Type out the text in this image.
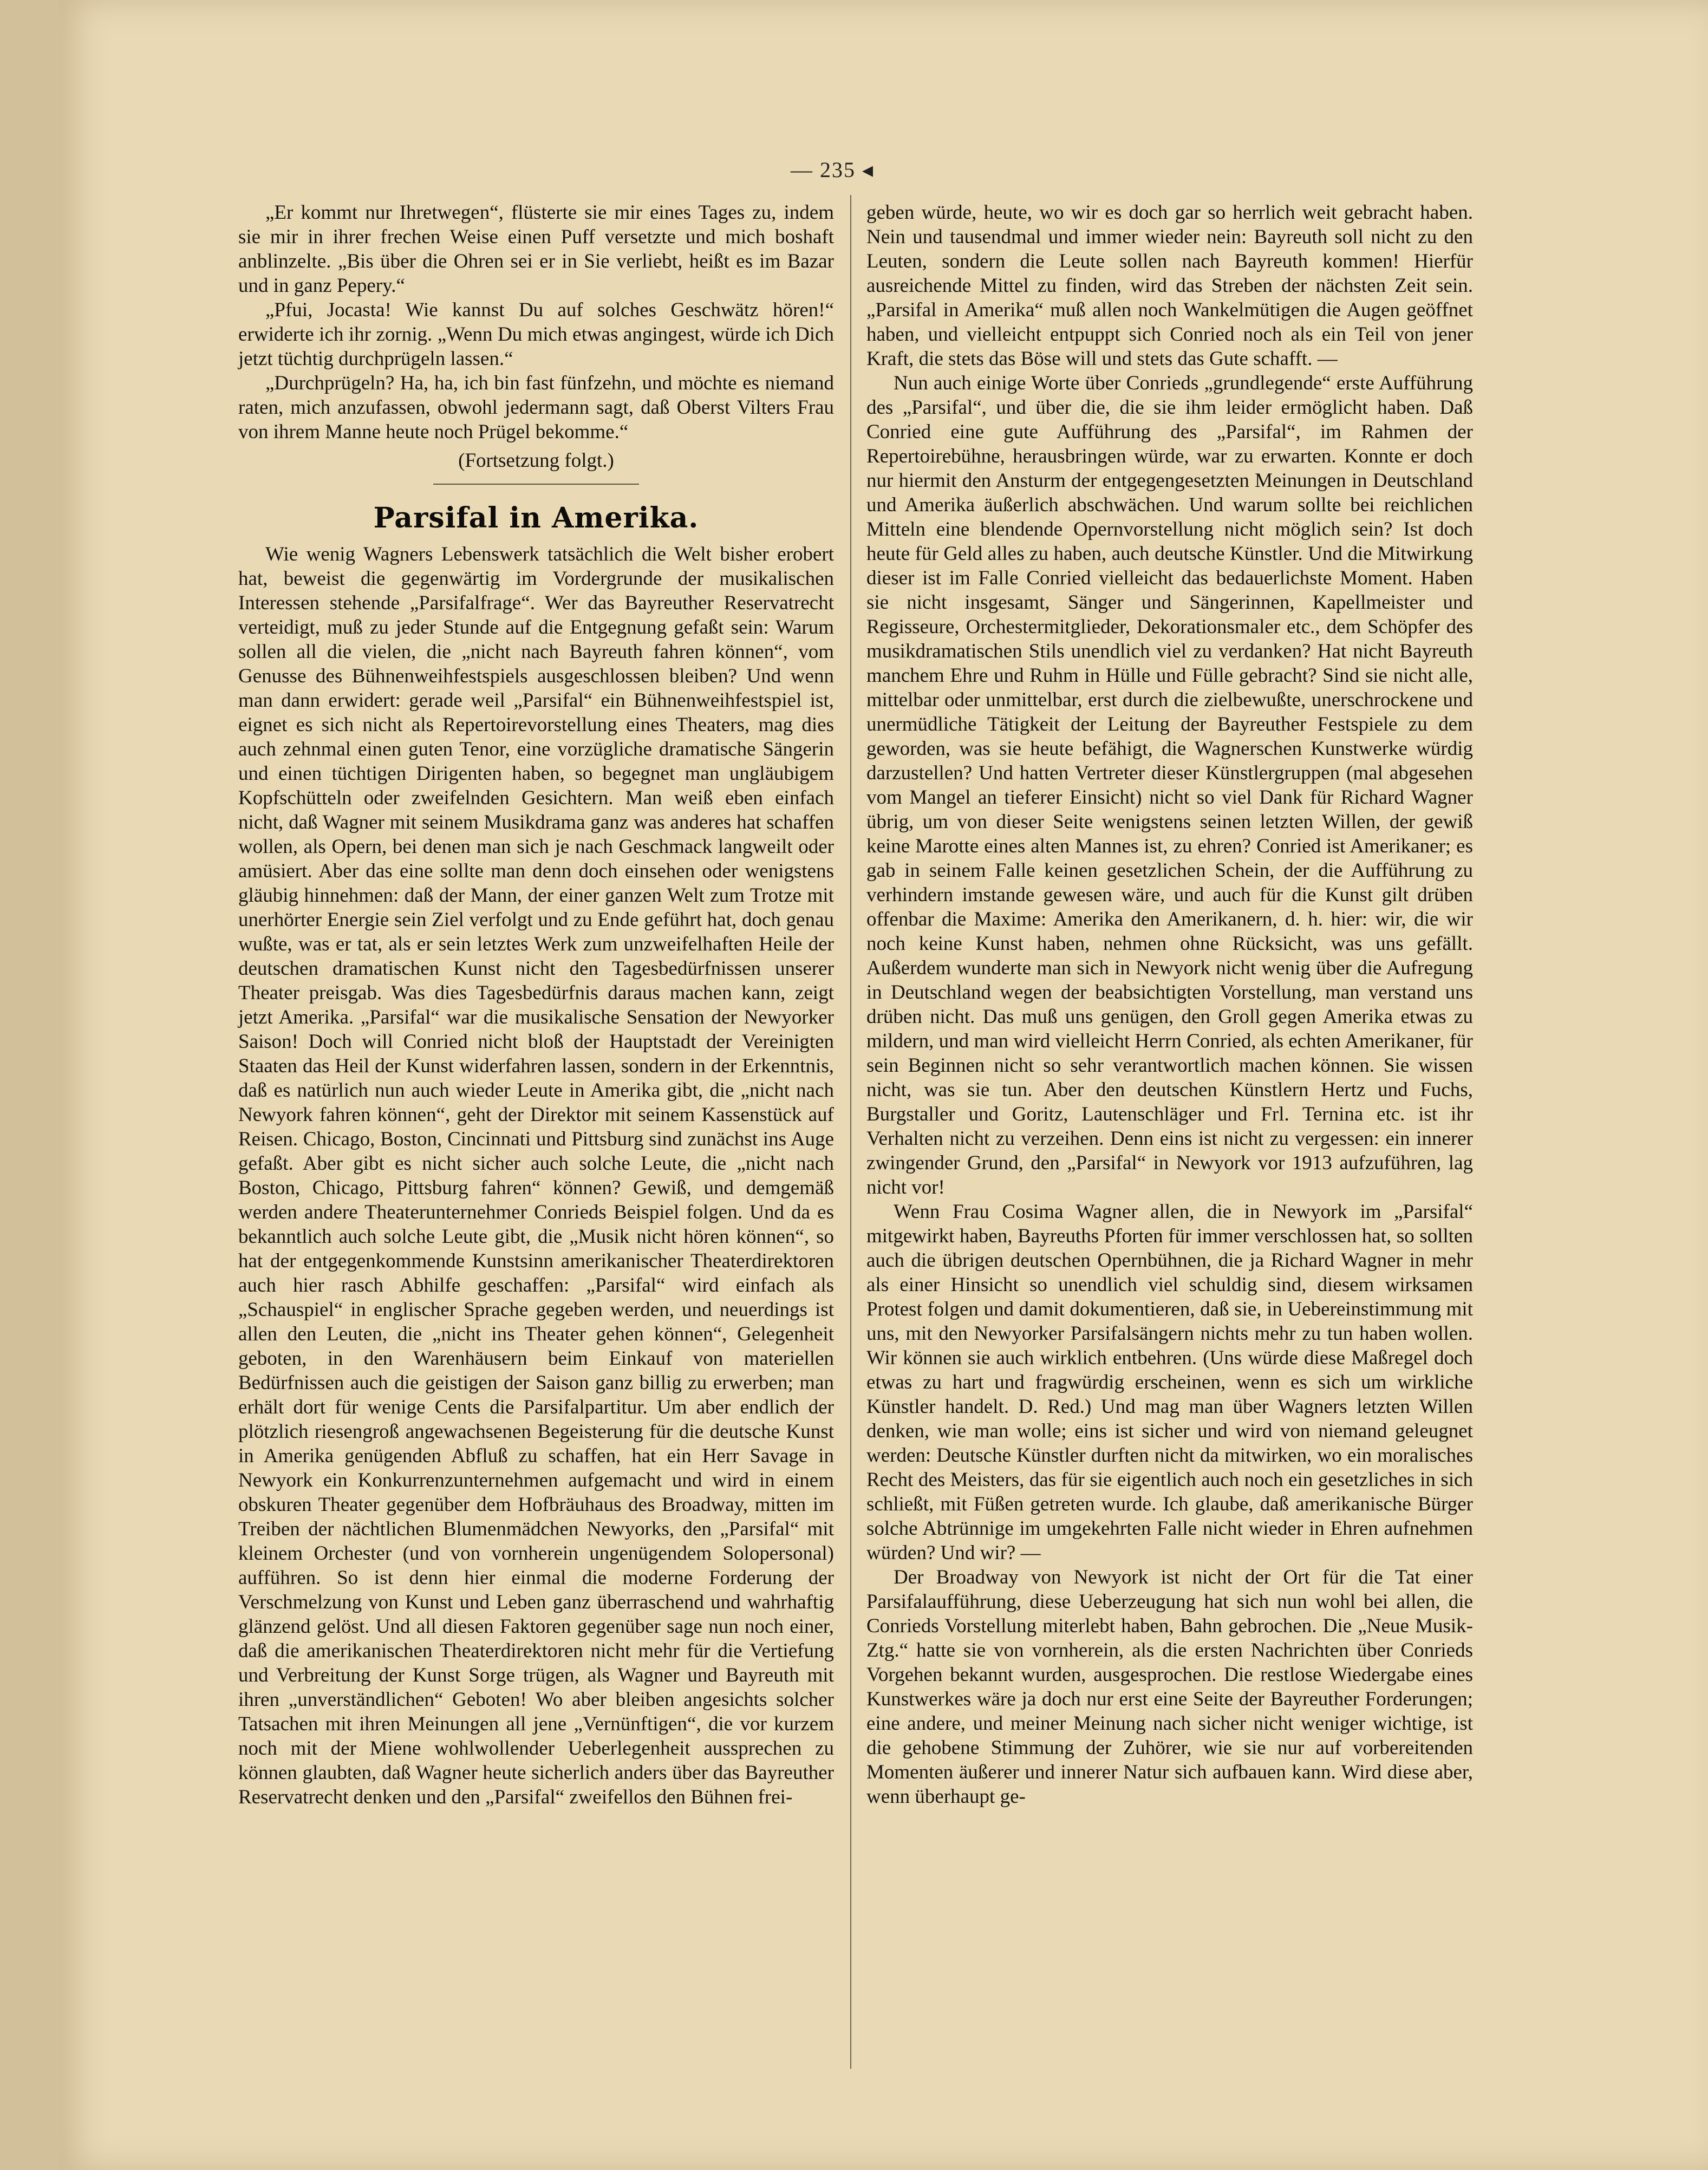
— 235 ◂

„Er kommt nur Ihretwegen“, flüsterte sie mir eines Tages zu, indem sie mir in ihrer frechen Weise einen Puff versetzte und mich boshaft anblinzelte. „Bis über die Ohren sei er in Sie verliebt, heißt es im Bazar und in ganz Pepery.“

„Pfui, Jocasta! Wie kannst Du auf solches Geschwätz hören!“ erwiderte ich ihr zornig. „Wenn Du mich etwas angingest, würde ich Dich jetzt tüchtig durchprügeln lassen.“

„Durchprügeln? Ha, ha, ich bin fast fünfzehn, und möchte es niemand raten, mich anzufassen, obwohl jedermann sagt, daß Oberst Vilters Frau von ihrem Manne heute noch Prügel bekomme.“

(Fortsetzung folgt.)
Parsifal in Amerika.

Wie wenig Wagners Lebenswerk tatsächlich die Welt bisher erobert hat, beweist die gegenwärtig im Vordergrunde der musikalischen Interessen stehende „Parsifalfrage“. Wer das Bayreuther Reservatrecht verteidigt, muß zu jeder Stunde auf die Entgegnung gefaßt sein: Warum sollen all die vielen, die „nicht nach Bayreuth fahren können“, vom Genusse des Bühnenweihfestspiels ausgeschlossen bleiben? Und wenn man dann erwidert: gerade weil „Parsifal“ ein Bühnenweihfestspiel ist, eignet es sich nicht als Repertoirevorstellung eines Theaters, mag dies auch zehnmal einen guten Tenor, eine vorzügliche dramatische Sängerin und einen tüchtigen Dirigenten haben, so begegnet man ungläubigem Kopfschütteln oder zweifelnden Gesichtern. Man weiß eben einfach nicht, daß Wagner mit seinem Musikdrama ganz was anderes hat schaffen wollen, als Opern, bei denen man sich je nach Geschmack langweilt oder amüsiert. Aber das eine sollte man denn doch einsehen oder wenigstens gläubig hinnehmen: daß der Mann, der einer ganzen Welt zum Trotze mit unerhörter Energie sein Ziel verfolgt und zu Ende geführt hat, doch genau wußte, was er tat, als er sein letztes Werk zum unzweifelhaften Heile der deutschen dramatischen Kunst nicht den Tagesbedürfnissen unserer Theater preisgab. Was dies Tagesbedürfnis daraus machen kann, zeigt jetzt Amerika. „Parsifal“ war die musikalische Sensation der Newyorker Saison! Doch will Conried nicht bloß der Hauptstadt der Vereinigten Staaten das Heil der Kunst widerfahren lassen, sondern in der Erkenntnis, daß es natürlich nun auch wieder Leute in Amerika gibt, die „nicht nach Newyork fahren können“, geht der Direktor mit seinem Kassenstück auf Reisen. Chicago, Boston, Cincinnati und Pittsburg sind zunächst ins Auge gefaßt. Aber gibt es nicht sicher auch solche Leute, die „nicht nach Boston, Chicago, Pittsburg fahren“ können? Gewiß, und demgemäß werden andere Theaterunternehmer Conrieds Beispiel folgen. Und da es bekanntlich auch solche Leute gibt, die „Musik nicht hören können“, so hat der entgegenkommende Kunstsinn amerikanischer Theaterdirektoren auch hier rasch Abhilfe geschaffen: „Parsifal“ wird einfach als „Schauspiel“ in englischer Sprache gegeben werden, und neuerdings ist allen den Leuten, die „nicht ins Theater gehen können“, Gelegenheit geboten, in den Warenhäusern beim Einkauf von materiellen Bedürfnissen auch die geistigen der Saison ganz billig zu erwerben; man erhält dort für wenige Cents die Parsifalpartitur. Um aber endlich der plötzlich riesengroß angewachsenen Begeisterung für die deutsche Kunst in Amerika genügenden Abfluß zu schaffen, hat ein Herr Savage in Newyork ein Konkurrenzunternehmen aufgemacht und wird in einem obskuren Theater gegenüber dem Hofbräuhaus des Broadway, mitten im Treiben der nächtlichen Blumenmädchen Newyorks, den „Parsifal“ mit kleinem Orchester (und von vornherein ungenügendem Solopersonal) aufführen. So ist denn hier einmal die moderne Forderung der Verschmelzung von Kunst und Leben ganz überraschend und wahrhaftig glänzend gelöst. Und all diesen Faktoren gegenüber sage nun noch einer, daß die amerikanischen Theaterdirektoren nicht mehr für die Vertiefung und Verbreitung der Kunst Sorge trügen, als Wagner und Bayreuth mit ihren „unverständlichen“ Geboten! Wo aber bleiben angesichts solcher Tatsachen mit ihren Meinungen all jene „Vernünftigen“, die vor kurzem noch mit der Miene wohlwollender Ueberlegenheit aussprechen zu können glaubten, daß Wagner heute sicherlich anders über das Bayreuther Reservatrecht denken und den „Parsifal“ zweifellos den Bühnen frei-

geben würde, heute, wo wir es doch gar so herrlich weit gebracht haben. Nein und tausendmal und immer wieder nein: Bayreuth soll nicht zu den Leuten, sondern die Leute sollen nach Bayreuth kommen! Hierfür ausreichende Mittel zu finden, wird das Streben der nächsten Zeit sein. „Parsifal in Amerika“ muß allen noch Wankelmütigen die Augen geöffnet haben, und vielleicht entpuppt sich Conried noch als ein Teil von jener Kraft, die stets das Böse will und stets das Gute schafft. —

Nun auch einige Worte über Conrieds „grundlegende“ erste Aufführung des „Parsifal“, und über die, die sie ihm leider ermöglicht haben. Daß Conried eine gute Aufführung des „Parsifal“, im Rahmen der Repertoirebühne, herausbringen würde, war zu erwarten. Konnte er doch nur hiermit den Ansturm der entgegengesetzten Meinungen in Deutschland und Amerika äußerlich abschwächen. Und warum sollte bei reichlichen Mitteln eine blendende Opernvorstellung nicht möglich sein? Ist doch heute für Geld alles zu haben, auch deutsche Künstler. Und die Mitwirkung dieser ist im Falle Conried vielleicht das bedauerlichste Moment. Haben sie nicht insgesamt, Sänger und Sängerinnen, Kapellmeister und Regisseure, Orchestermitglieder, Dekorationsmaler etc., dem Schöpfer des musikdramatischen Stils unendlich viel zu verdanken? Hat nicht Bayreuth manchem Ehre und Ruhm in Hülle und Fülle gebracht? Sind sie nicht alle, mittelbar oder unmittelbar, erst durch die zielbewußte, unerschrockene und unermüdliche Tätigkeit der Leitung der Bayreuther Festspiele zu dem geworden, was sie heute befähigt, die Wagnerschen Kunstwerke würdig darzustellen? Und hatten Vertreter dieser Künstlergruppen (mal abgesehen vom Mangel an tieferer Einsicht) nicht so viel Dank für Richard Wagner übrig, um von dieser Seite wenigstens seinen letzten Willen, der gewiß keine Marotte eines alten Mannes ist, zu ehren? Conried ist Amerikaner; es gab in seinem Falle keinen gesetzlichen Schein, der die Aufführung zu verhindern imstande gewesen wäre, und auch für die Kunst gilt drüben offenbar die Maxime: Amerika den Amerikanern, d. h. hier: wir, die wir noch keine Kunst haben, nehmen ohne Rücksicht, was uns gefällt. Außerdem wunderte man sich in Newyork nicht wenig über die Aufregung in Deutschland wegen der beabsichtigten Vorstellung, man verstand uns drüben nicht. Das muß uns genügen, den Groll gegen Amerika etwas zu mildern, und man wird vielleicht Herrn Conried, als echten Amerikaner, für sein Beginnen nicht so sehr verantwortlich machen können. Sie wissen nicht, was sie tun. Aber den deutschen Künstlern Hertz und Fuchs, Burgstaller und Goritz, Lautenschläger und Frl. Ternina etc. ist ihr Verhalten nicht zu verzeihen. Denn eins ist nicht zu vergessen: ein innerer zwingender Grund, den „Parsifal“ in Newyork vor 1913 aufzuführen, lag nicht vor!

Wenn Frau Cosima Wagner allen, die in Newyork im „Parsifal“ mitgewirkt haben, Bayreuths Pforten für immer verschlossen hat, so sollten auch die übrigen deutschen Opernbühnen, die ja Richard Wagner in mehr als einer Hinsicht so unendlich viel schuldig sind, diesem wirksamen Protest folgen und damit dokumentieren, daß sie, in Uebereinstimmung mit uns, mit den Newyorker Parsifalsängern nichts mehr zu tun haben wollen. Wir können sie auch wirklich entbehren. (Uns würde diese Maßregel doch etwas zu hart und fragwürdig erscheinen, wenn es sich um wirkliche Künstler handelt. D. Red.) Und mag man über Wagners letzten Willen denken, wie man wolle; eins ist sicher und wird von niemand geleugnet werden: Deutsche Künstler durften nicht da mitwirken, wo ein moralisches Recht des Meisters, das für sie eigentlich auch noch ein gesetzliches in sich schließt, mit Füßen getreten wurde. Ich glaube, daß amerikanische Bürger solche Abtrünnige im umgekehrten Falle nicht wieder in Ehren aufnehmen würden? Und wir? —

Der Broadway von Newyork ist nicht der Ort für die Tat einer Parsifalaufführung, diese Ueberzeugung hat sich nun wohl bei allen, die Conrieds Vorstellung miterlebt haben, Bahn gebrochen. Die „Neue Musik-Ztg.“ hatte sie von vornherein, als die ersten Nachrichten über Conrieds Vorgehen bekannt wurden, ausgesprochen. Die restlose Wiedergabe eines Kunstwerkes wäre ja doch nur erst eine Seite der Bayreuther Forderungen; eine andere, und meiner Meinung nach sicher nicht weniger wichtige, ist die gehobene Stimmung der Zuhörer, wie sie nur auf vorbereitenden Momenten äußerer und innerer Natur sich aufbauen kann. Wird diese aber, wenn überhaupt ge-
